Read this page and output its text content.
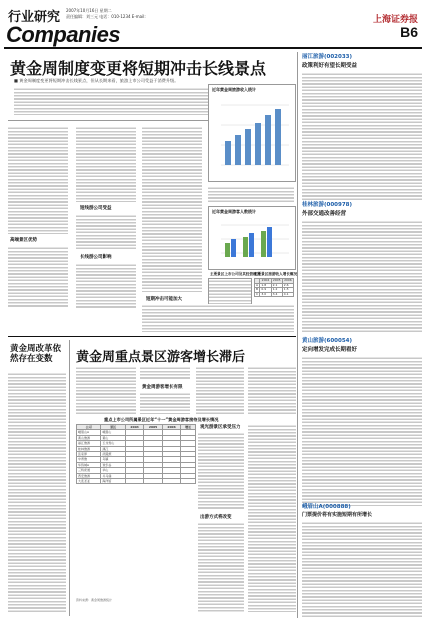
行业研究
Companies
2007年10月16日 星期二
责任编辑：刘三元 电话：010-1234 E-mail:	上海证券报
B6
黄金周制度变更将短期冲击长线景点
■ 黄金周制度变更将短期冲击长线景点，但从长期来看，旅游上市公司受益于消费升级。
高端景区优势
短线游公司受益
长线游公司影响
短期冲击可能加大
近年黄金周旅游收入统计
近年黄金周游客人数统计
主要景区上市公司及其经营概况
主要景区旅游收入增长概况
	2004	2005	2006
A	1.8	2.1	2.6
B	0.9	1.2	1.5
C	3.0	3.4	4.1
黄金周改革依然存在变数	黄金周重点景区游客增长滞后
黄金周游客增长有限
重点上市公司所属景区近年“十一”黄金周游客接待及增长情况
公司	景区	2004	2005	2006	增长
峨眉山A	峨眉山				
黄山旅游	黄山				
丽江旅游	玉龙雪山				
桂林旅游	漓江				
张家界	武陵源				
中青旅	乌镇				
华侨城A	欢乐谷				
三特索道	华山				
西安旅游	兵马俑				
大连圣亚	海洋馆				
资料来源：黄金周旅游统计
观光游景区承受压力
出游方式将改变
丽江旅游(002033)
政策利好有望长期受益
桂林旅游(000978)
外部交通改善经营
黄山旅游(600054)
定向增发完成长期看好
峨眉山A(000888)
门票提价将有实施短期有所增长
